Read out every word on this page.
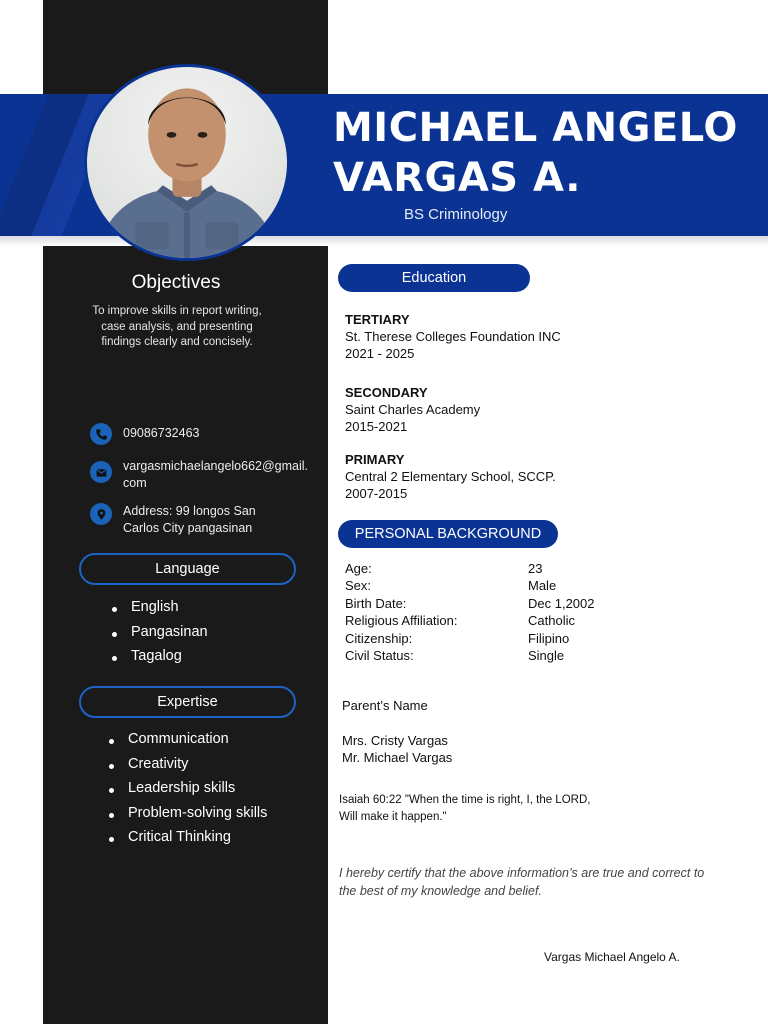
MICHAEL ANGELO
VARGAS A.
BS Criminology
Objectives
To improve skills in report writing, case analysis, and presenting findings clearly and concisely.
09086732463
vargasmichaelangelo662@gmail.com
Address: 99 longos San Carlos City pangasinan
Language
English
Pangasinan
Tagalog
Expertise
Communication
Creativity
Leadership skills
Problem-solving skills
Critical Thinking
Education
TERTIARY
St. Therese Colleges Foundation INC
2021 - 2025
SECONDARY
Saint Charles Academy
2015-2021
PRIMARY
Central 2 Elementary School, SCCP.
2007-2015
PERSONAL BACKGROUND
Age:	23
Sex:	Male
Birth Date:	Dec 1,2002
Religious Affiliation:	Catholic
Citizenship:	Filipino
Civil Status:	Single
Parent’s Name
Mrs. Cristy Vargas
Mr. Michael Vargas
Isaiah 60:22 "When the time is right, I, the LORD, Will make it happen."
I hereby certify that the above information’s are true and correct to the best of my knowledge and belief.
Vargas Michael Angelo A.
